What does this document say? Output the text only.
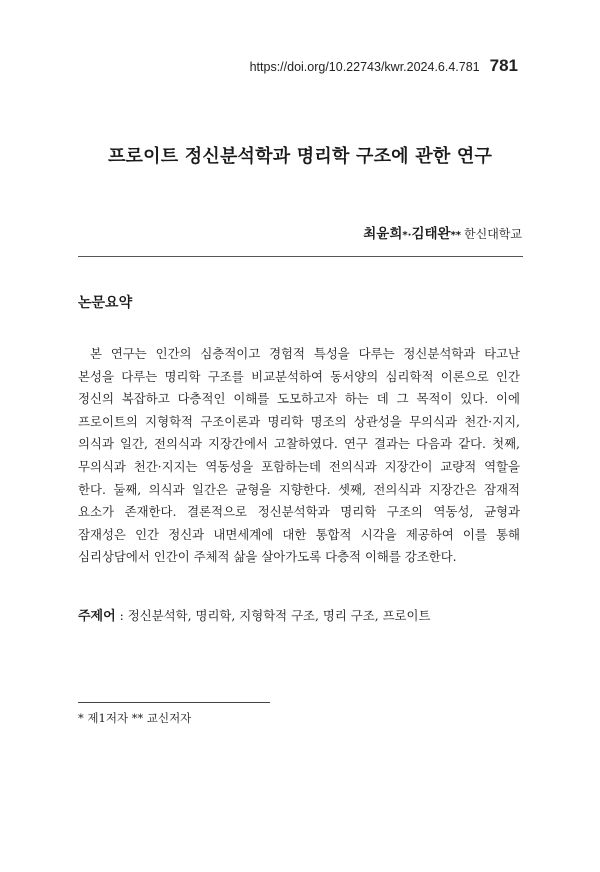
https://doi.org/10.22743/kwr.2024.6.4.781 781
프로이트 정신분석학과 명리학 구조에 관한 연구
최윤희*·김태완** 한신대학교
논문요약

본 연구는 인간의 심층적이고 경험적 특성을 다루는 정신분석학과 타고난 본성을 다루는 명리학 구조를 비교분석하여 동서양의 심리학적 이론으로 인간 정신의 복잡하고 다층적인 이해를 도모하고자 하는 데 그 목적이 있다. 이에 프로이트의 지형학적 구조이론과 명리학 명조의 상관성을 무의식과 천간·지지, 의식과 일간, 전의식과 지장간에서 고찰하였다. 연구 결과는 다음과 같다. 첫째, 무의식과 천간·지지는 역동성을 포함하는데 전의식과 지장간이 교량적 역할을 한다. 둘째, 의식과 일간은 균형을 지향한다. 셋째, 전의식과 지장간은 잠재적 요소가 존재한다. 결론적으로 정신분석학과 명리학 구조의 역동성, 균형과 잠재성은 인간 정신과 내면세계에 대한 통합적 시각을 제공하여 이를 통해 심리상담에서 인간이 주체적 삶을 살아가도록 다층적 이해를 강조한다.

주제어 : 정신분석학, 명리학, 지형학적 구조, 명리 구조, 프로이트
* 제1저자 ** 교신저자
